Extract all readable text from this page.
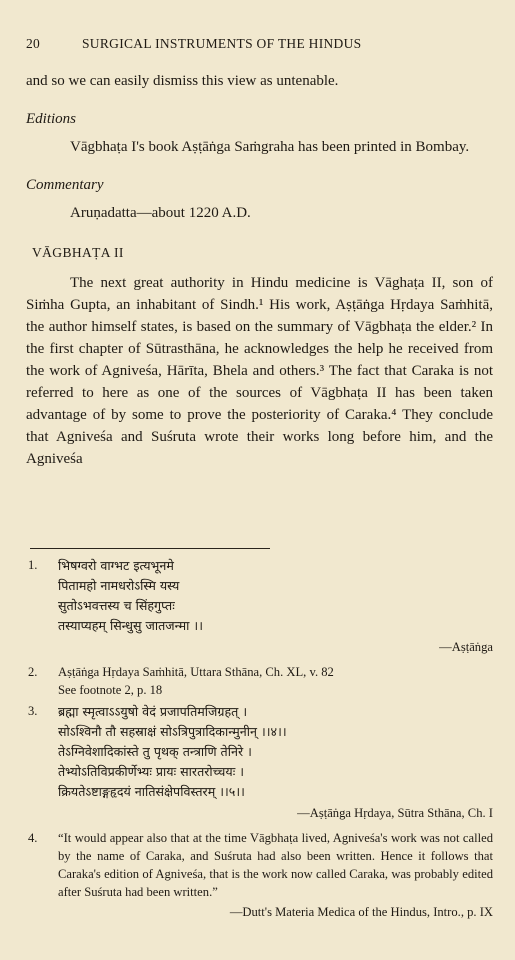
20	SURGICAL INSTRUMENTS OF THE HINDUS

and so we can easily dismiss this view as untenable.

Editions

Vāgbhaṭa I's book Aṣṭāṅga Saṁgraha has been printed in Bombay.

Commentary

Aruṇadatta—about 1220 A.D.

VĀGBHAṬA II

The next great authority in Hindu medicine is Vāghaṭa II, son of Siṁha Gupta, an inhabitant of Sindh.¹ His work, Aṣṭāṅga Hṛdaya Saṁhitā, the author himself states, is based on the summary of Vāgbhaṭa the elder.² In the first chapter of Sūtrasthāna, he acknowledges the help he received from the work of Agniveśa, Hārīta, Bhela and others.³ The fact that Caraka is not referred to here as one of the sources of Vāgbhaṭa II has been taken advantage of by some to prove the posteriority of Caraka.⁴ They conclude that Agniveśa and Suśruta wrote their works long before him, and the Agniveśa

1.	भिषग्वरो वाग्भट इत्यभूनमे
पितामहो नामधरोऽस्मि यस्य
सुतोऽभवत्तस्य च सिंहगुप्तः
तस्याप्यहम् सिन्धुसु जातजन्मा ।।
—Aṣṭāṅga
2.	Aṣṭāṅga Hṛdaya Saṁhitā, Uttara Sthāna, Ch. XL, v. 82
See footnote 2, p. 18
3.	ब्रह्मा स्मृत्वाऽऽयुषो वेदं प्रजापतिमजिग्रहत् ।
सोऽश्विनौ तौ सहस्राक्षं सोऽत्रिपुत्रादिकान्मुनीन् ।।४।।
तेऽग्निवेशादिकांस्ते तु पृथक् तन्त्राणि तेनिरे ।
तेभ्योऽतिविप्रकीर्णेभ्यः प्रायः सारतरोच्चयः ।
क्रियतेऽष्टाङ्गहृदयं नातिसंक्षेपविस्तरम् ।।५।।
—Aṣṭāṅga Hṛdaya, Sūtra Sthāna, Ch. I
4.	“It would appear also that at the time Vāgbhaṭa lived, Agniveśa's work was not called by the name of Caraka, and Suśruta had also been written. Hence it follows that Caraka's edition of Agniveśa, that is the work now called Caraka, was probably edited after Suśruta had been written.”
—Dutt's Materia Medica of the Hindus, Intro., p. IX
